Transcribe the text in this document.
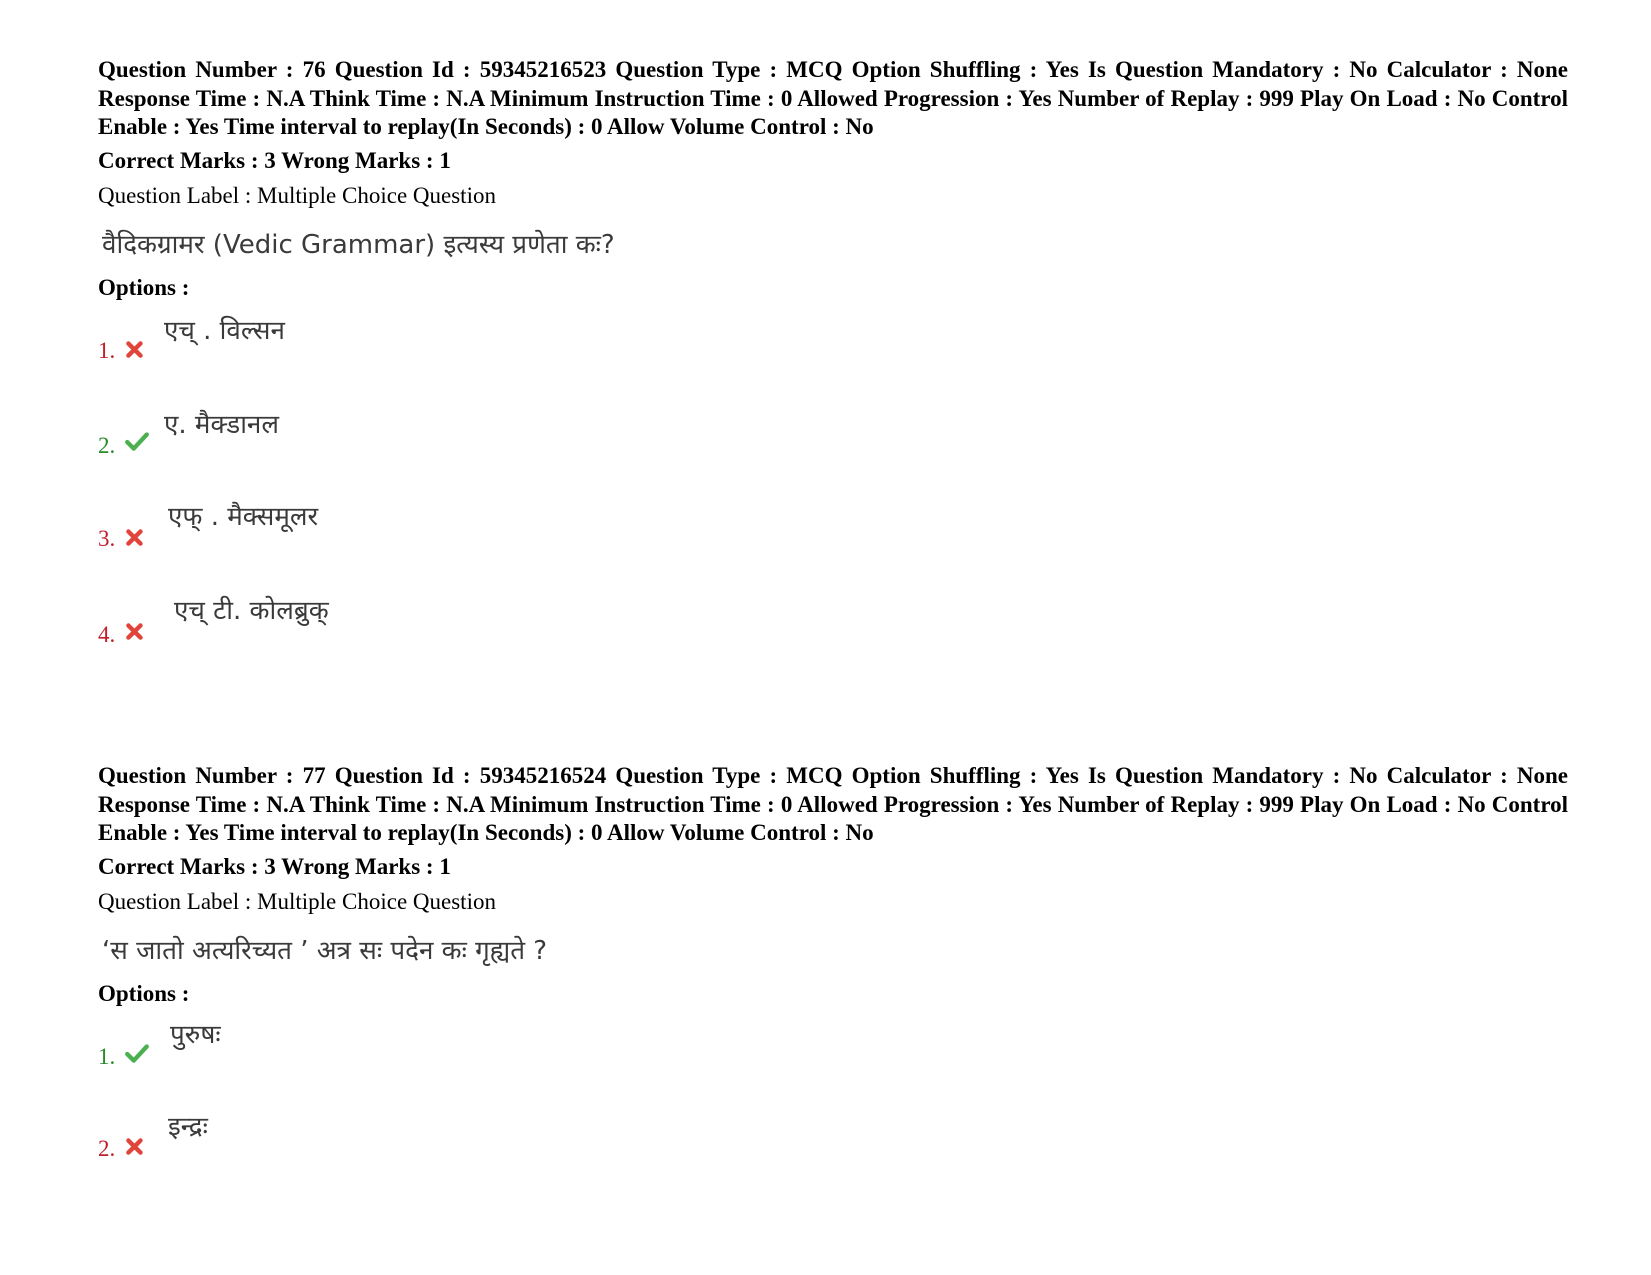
Question Number : 76 Question Id : 59345216523 Question Type : MCQ Option Shuffling : Yes Is Question Mandatory : No Calculator : None Response Time : N.A Think Time : N.A Minimum Instruction Time : 0 Allowed Progression : Yes Number of Replay : 999 Play On Load : No Control Enable : Yes Time interval to replay(In Seconds) : 0 Allow Volume Control : No
Correct Marks : 3 Wrong Marks : 1
Question Label : Multiple Choice Question
वैदिकग्रामर (Vedic Grammar) इत्यस्य प्रणेता कः?
Options :
1.
एच् . विल्सन
2.
ए. मैक्डानल
3.
एफ् . मैक्समूलर
4.
एच् टी. कोलब्रुक्
Question Number : 77 Question Id : 59345216524 Question Type : MCQ Option Shuffling : Yes Is Question Mandatory : No Calculator : None Response Time : N.A Think Time : N.A Minimum Instruction Time : 0 Allowed Progression : Yes Number of Replay : 999 Play On Load : No Control Enable : Yes Time interval to replay(In Seconds) : 0 Allow Volume Control : No
Correct Marks : 3 Wrong Marks : 1
Question Label : Multiple Choice Question
‘स जातो अत्यरिच्यत ’ अत्र सः पदेन कः गृह्यते ?
Options :
1.
पुरुषः
2.
इन्द्रः
